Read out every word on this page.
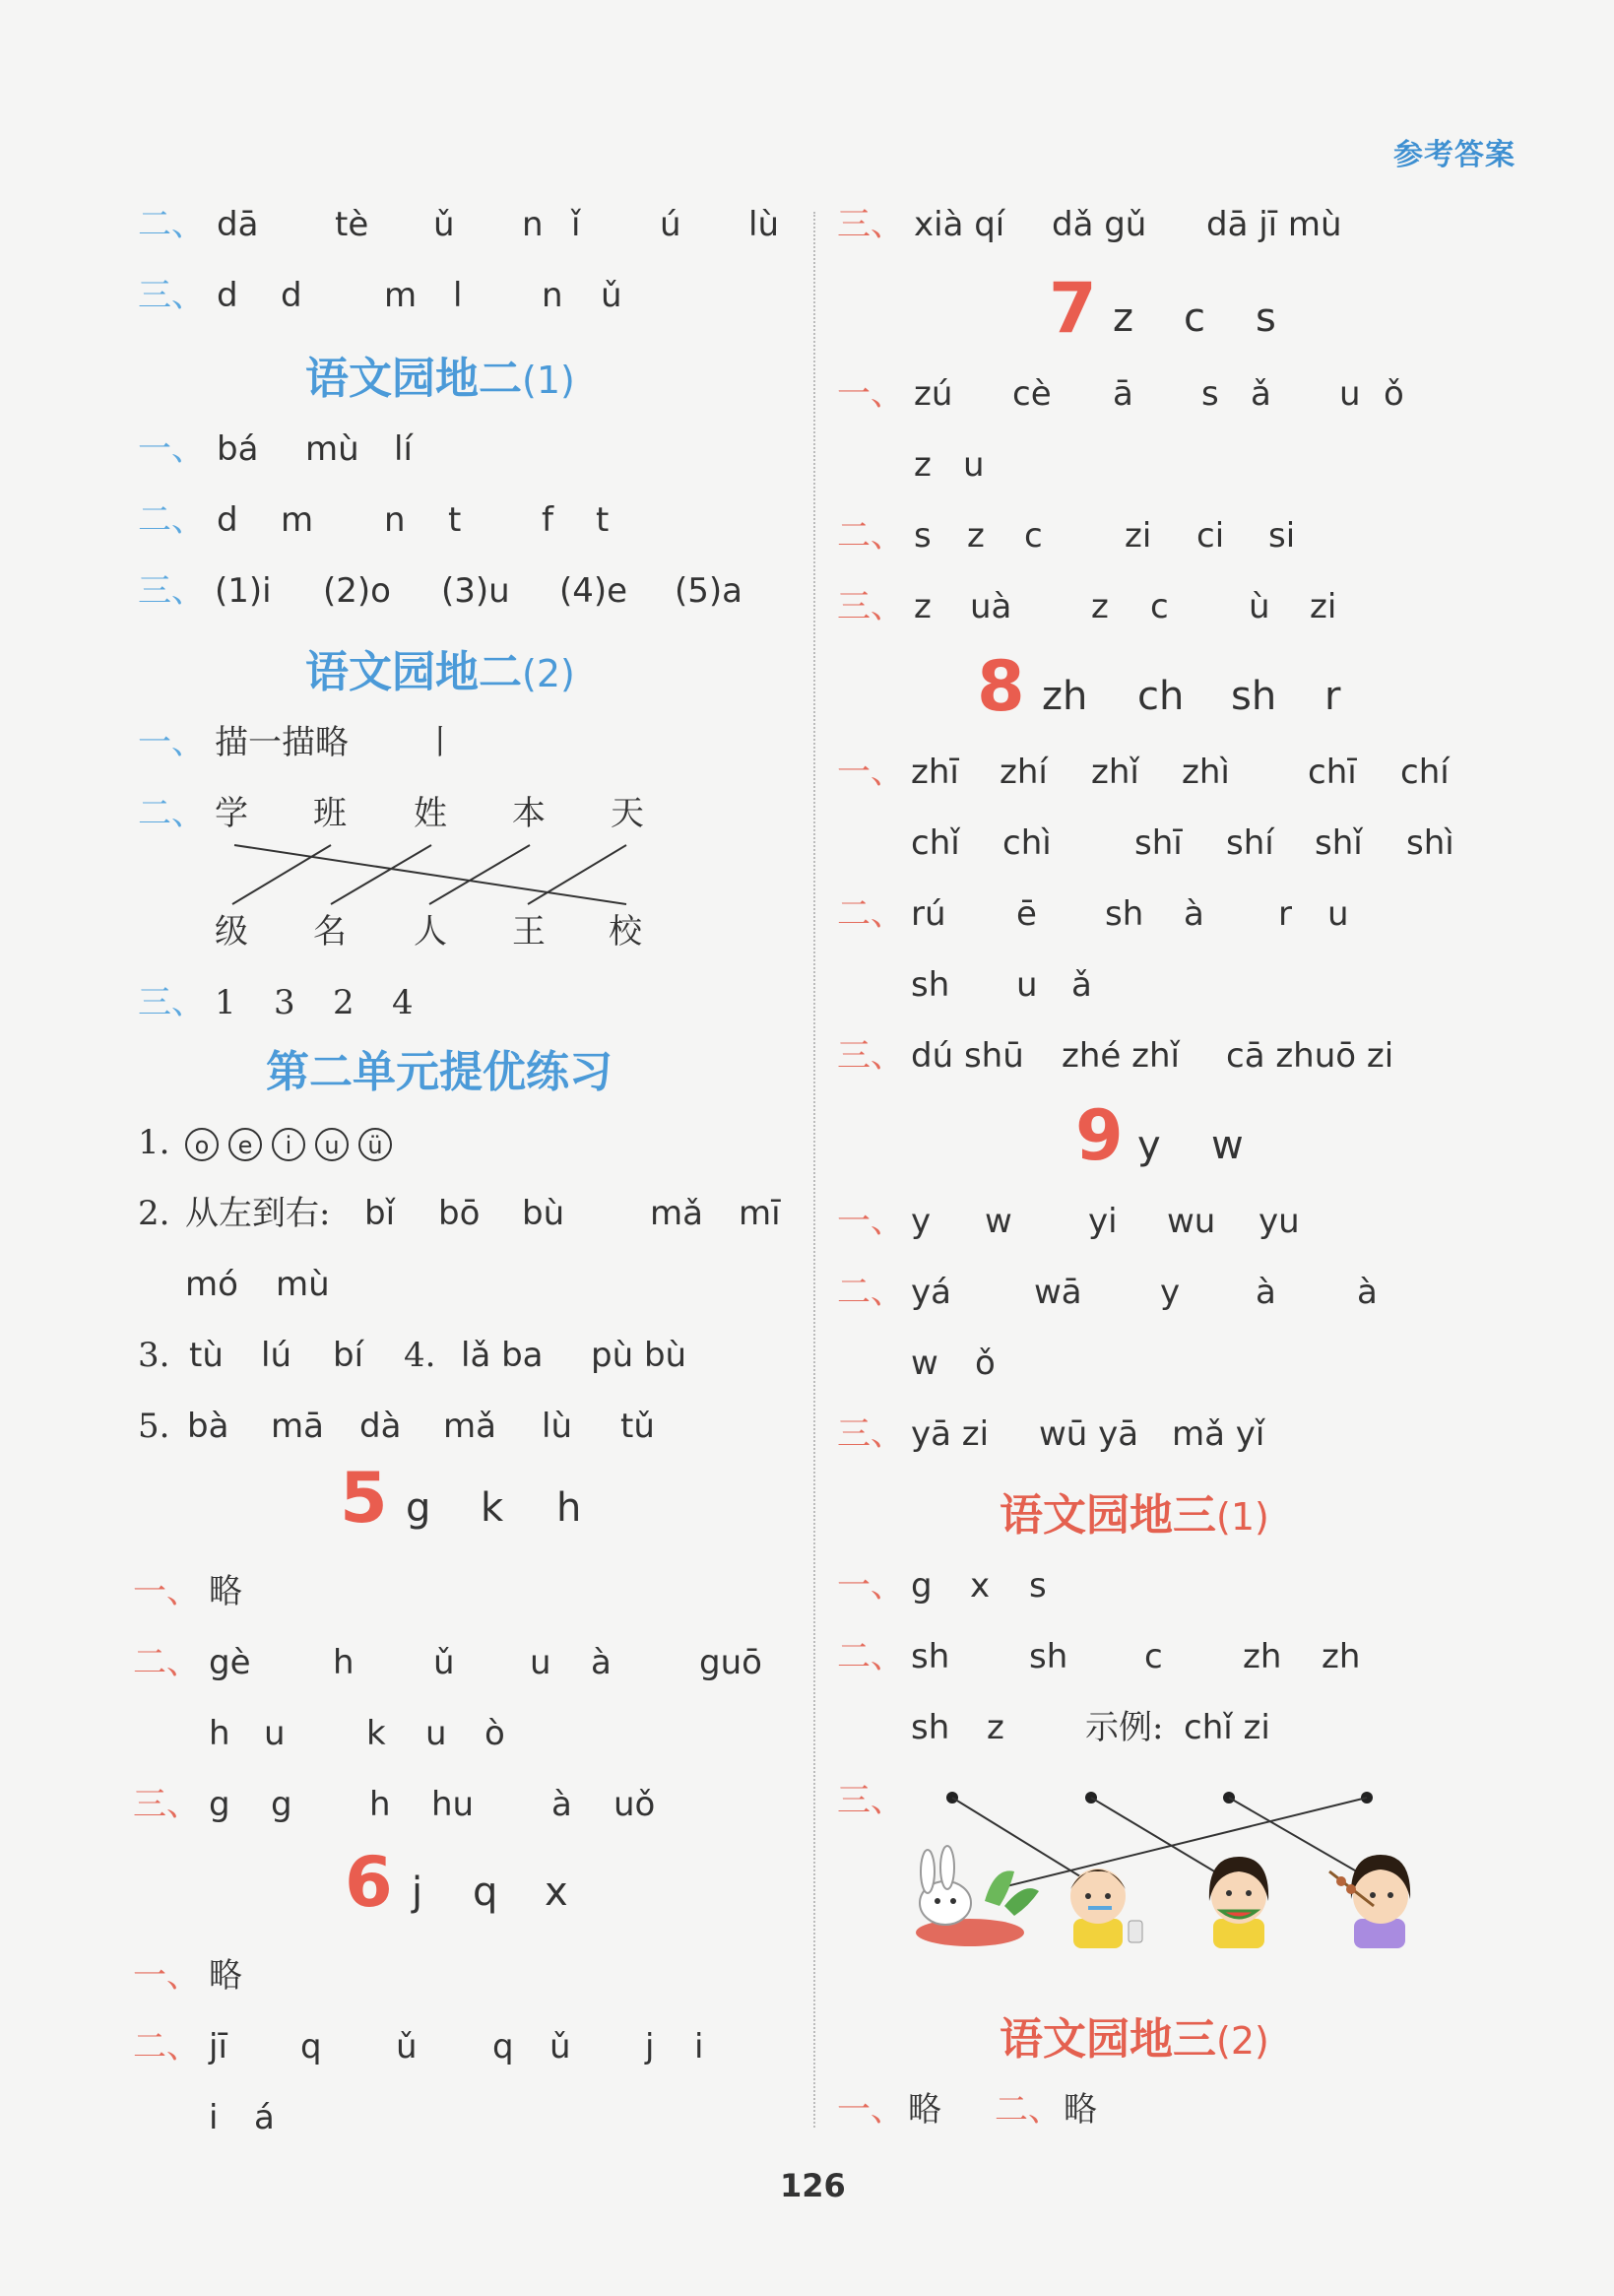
参考答案
二、 dā tè ǔ n ǐ ú lù
三、 d d m l n ǔ
语文园地二(1)
一、 bá mù lí
二、 d m n t f t
三、 (1)i (2)o (3)u (4)e (5)a
语文园地二(2)
一、 描一描略 丨
二、 学 班 姓 本 天
级 名 人 王 校
三、 1 3 2 4
第二单元提优练习
1.	o e i u ü
2. 从左到右: bǐ bō bù	mǎ mī
mó mù
3. tù lú bí 4. lǎ ba pù bù
5. bà mā dà mǎ lù tǔ
5 g k h
一、 略
二、 gè h ǔ u à	guō
h u k u ò
三、 g g h hu à uǒ
6 j q x
一、 略
二、 jī q ǔ q ǔ j i
i á
三、 xià qí dǎ gǔ dā jī mù
7 z c s
一、 zú cè ā s ǎ u ǒ
z u
二、 s z c zi ci si
三、 z uà z c ù zi
8 zh ch sh r
一、 zhī zhí zhǐ zhì chī chí
chǐ chì shī shí shǐ shì
二、 rú ē sh à r u
sh u ǎ
三、 dú shū zhé zhǐ cā zhuō zi
9 y w
一、 y w yi wu yu
二、 yá wā y à à
w ǒ
三、 yā zi wū yā mǎ yǐ
语文园地三(1)
一、 g x s
二、 sh sh c zh zh
sh z 示例: chǐ zi
三、
语文园地三(2)
一、 略 二、 略
126
